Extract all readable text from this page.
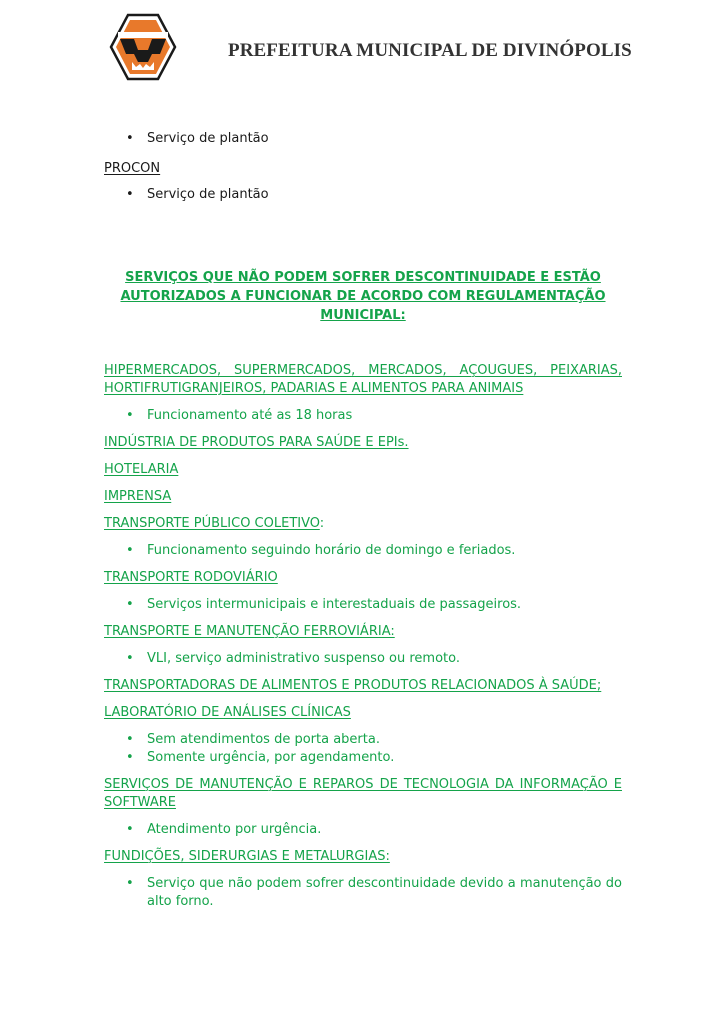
PREFEITURA MUNICIPAL DE DIVINÓPOLIS
• Serviço de plantão

PROCON

• Serviço de plantão

SERVIÇOS QUE NÃO PODEM SOFRER DESCONTINUIDADE E ESTÃO AUTORIZADOS A FUNCIONAR DE ACORDO COM REGULAMENTAÇÃO MUNICIPAL:

HIPERMERCADOS, SUPERMERCADOS, MERCADOS, AÇOUGUES, PEIXARIAS, HORTIFRUTIGRANJEIROS, PADARIAS E ALIMENTOS PARA ANIMAIS

• Funcionamento até as 18 horas

INDÚSTRIA DE PRODUTOS PARA SAÚDE E EPIs.

HOTELARIA

IMPRENSA

TRANSPORTE PÚBLICO COLETIVO:

• Funcionamento seguindo horário de domingo e feriados.

TRANSPORTE RODOVIÁRIO

• Serviços intermunicipais e interestaduais de passageiros.

TRANSPORTE E MANUTENÇÃO FERROVIÁRIA:

• VLI, serviço administrativo suspenso ou remoto.

TRANSPORTADORAS DE ALIMENTOS E PRODUTOS RELACIONADOS À SAÚDE;

LABORATÓRIO DE ANÁLISES CLÍNICAS

• Sem atendimentos de porta aberta.
• Somente urgência, por agendamento.

SERVIÇOS DE MANUTENÇÃO E REPAROS DE TECNOLOGIA DA INFORMAÇÃO E SOFTWARE

• Atendimento por urgência.

FUNDIÇÕES, SIDERURGIAS E METALURGIAS:

• Serviço que não podem sofrer descontinuidade devido a manutenção do alto forno.
